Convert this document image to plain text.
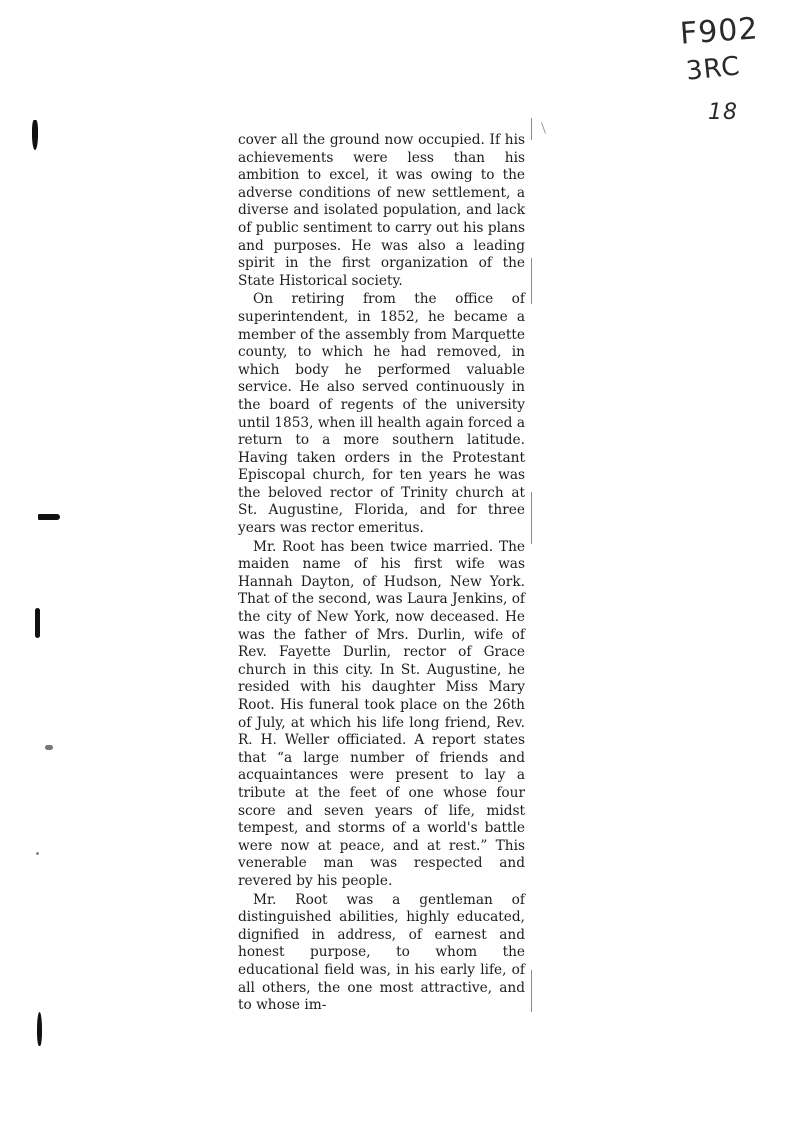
F902
3RC
18

cover all the ground now occupied. If his achievements were less than his ambition to excel, it was owing to the adverse conditions of new settlement, a diverse and isolated population, and lack of public sentiment to carry out his plans and purposes. He was also a leading spirit in the first organization of the State Historical society.

On retiring from the office of superintendent, in 1852, he became a member of the assembly from Marquette county, to which he had removed, in which body he performed valuable service. He also served continuously in the board of regents of the university until 1853, when ill health again forced a return to a more southern latitude. Having taken orders in the Protestant Episcopal church, for ten years he was the beloved rector of Trinity church at St. Augustine, Florida, and for three years was rector emeritus.

Mr. Root has been twice married. The maiden name of his first wife was Hannah Dayton, of Hudson, New York. That of the second, was Laura Jenkins, of the city of New York, now deceased. He was the father of Mrs. Durlin, wife of Rev. Fayette Durlin, rector of Grace church in this city. In St. Augustine, he resided with his daughter Miss Mary Root. His funeral took place on the 26th of July, at which his life long friend, Rev. R. H. Weller officiated. A report states that “a large number of friends and acquaintances were present to lay a tribute at the feet of one whose four score and seven years of life, midst tempest, and storms of a world's battle were now at peace, and at rest.” This venerable man was respected and revered by his people.

Mr. Root was a gentleman of distinguished abilities, highly educated, dignified in address, of earnest and honest purpose, to whom the educational field was, in his early life, of all others, the one most attractive, and to whose im-
